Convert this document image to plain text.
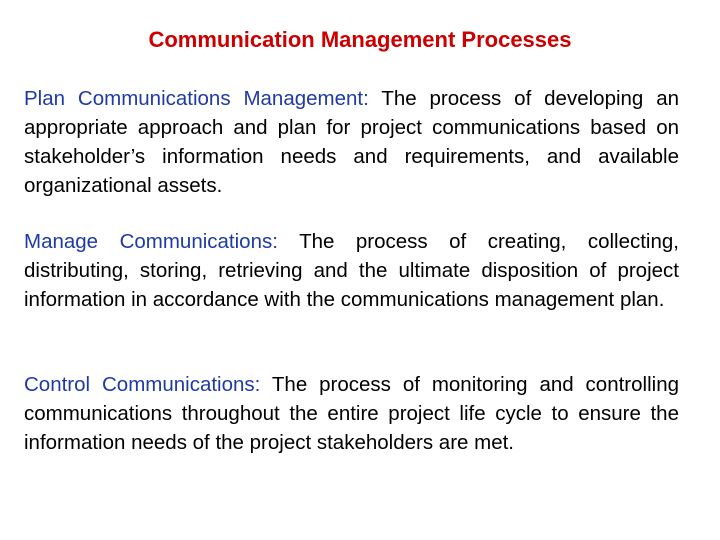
Communication Management Processes

Plan Communications Management: The process of developing an appropriate approach and plan for project communications based on stakeholder’s information needs and requirements, and available organizational assets.

Manage Communications: The process of creating, collecting, distributing, storing, retrieving and the ultimate disposition of project information in accordance with the communications management plan.

Control Communications: The process of monitoring and controlling communications throughout the entire project life cycle to ensure the information needs of the project stakeholders are met.
